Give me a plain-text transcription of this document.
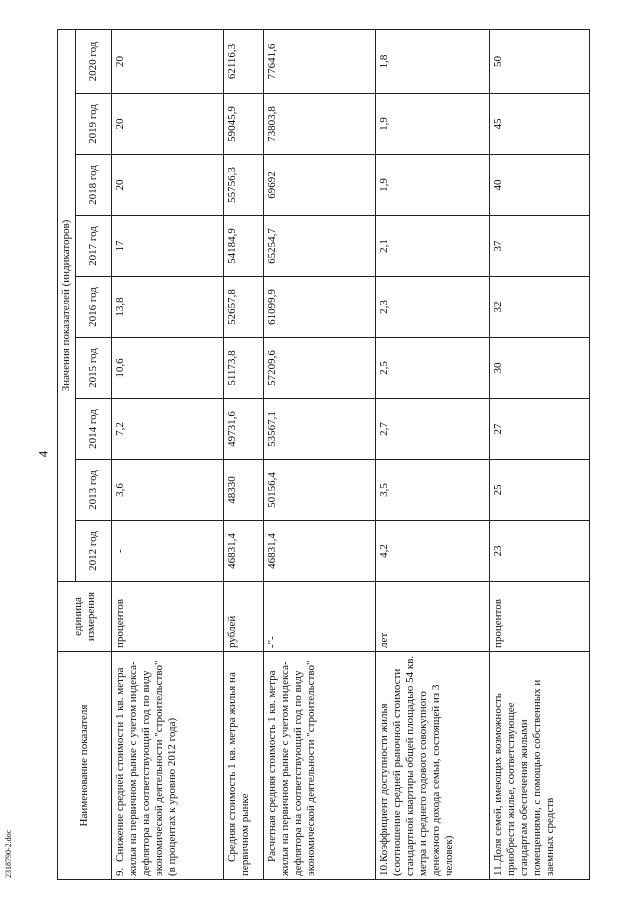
4
2318790-2.doc
Наименование показателя	единица измерения	Значения показателей (индикаторов)								
		2012 год	2013 год	2014 год	2015 год	2016 год	2017 год	2018 год	2019 год	2020 год
9.Снижение средней стоимости 1 кв. метра жилья на первичном рынке с учетом индекса-дефлятора на соответствующий год по виду экономической деятельности "строительство" (в процентах к уровню 2012 года)	процентов	-	3,6	7,2	10,6	13,8	17	20	20	20
Средняя стоимость 1 кв. метра жилья на первичном рынке	рублей	46831,4	48330	49731,6	51173,8	52657,8	54184,9	55756,3	59045,9	62116,3
Расчетная средняя стоимость 1 кв. метра жилья на первичном рынке с учетом индекса-дефлятора на соответствующий год по виду экономической деятельности "строительство"	-"-	46831,4	50156,4	53567,1	57209,6	61099,9	65254,7	69692	73803,8	77641,6
10.Коэффициент доступности жилья (соотношение средней рыночной стоимости стандартной квартиры общей площадью 54 кв. метра и среднего годового совокупного денежного дохода семьи, состоящей из 3 человек)	лет	4,2	3,5	2,7	2,5	2,3	2,1	1,9	1,9	1,8
11.Доля семей, имеющих возможность приобрести жилье, соответствующее стандартам обеспечения жилыми помещениями, с помощью собственных и заемных средств	процентов	23	25	27	30	32	37	40	45	50
